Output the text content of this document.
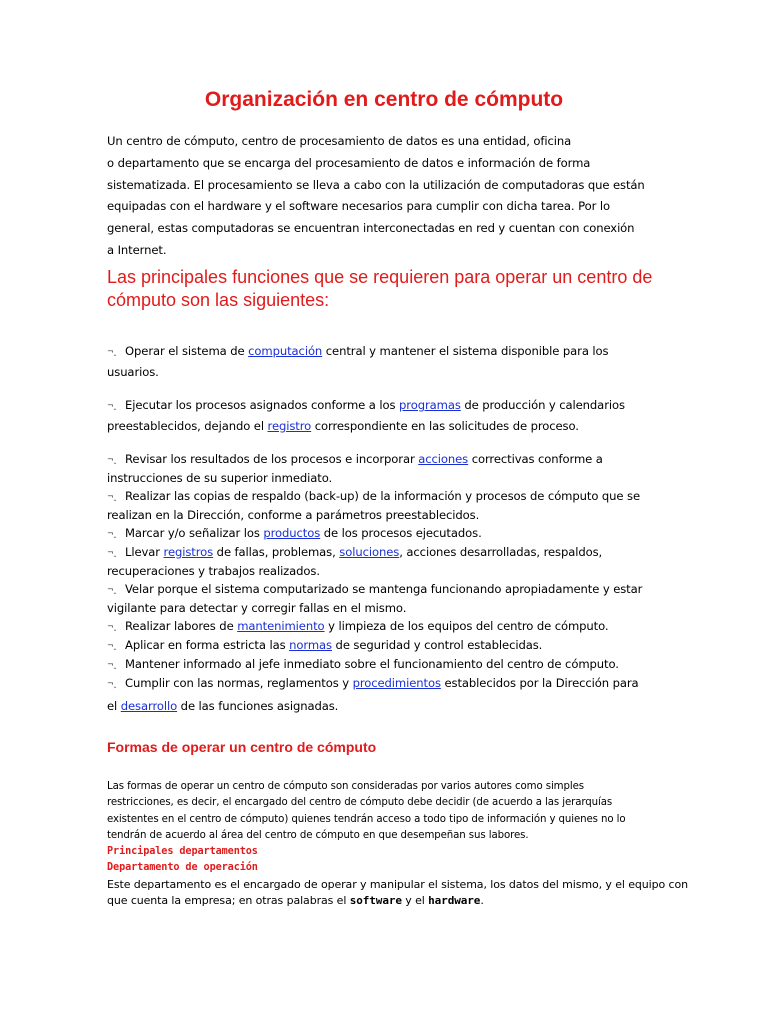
Organización en centro de cómputo
Un centro de cómputo, centro de procesamiento de datos es una entidad, oficina
o departamento que se encarga del procesamiento de datos e información de forma
sistematizada. El procesamiento se lleva a cabo con la utilización de computadoras que están
equipadas con el hardware y el software necesarios para cumplir con dicha tarea. Por lo
general, estas computadoras se encuentran interconectadas en red y cuentan con conexión
a Internet.
Las principales funciones que se requieren para operar un centro de
cómputo son las siguientes:
¬‸ Operar el sistema de computación central y mantener el sistema disponible para los
usuarios.
¬‸ Ejecutar los procesos asignados conforme a los programas de producción y calendarios
preestablecidos, dejando el registro correspondiente en las solicitudes de proceso.
¬‸ Revisar los resultados de los procesos e incorporar acciones correctivas conforme a
instrucciones de su superior inmediato.
¬‸ Realizar las copias de respaldo (back-up) de la información y procesos de cómputo que se
realizan en la Dirección, conforme a parámetros preestablecidos.
¬‸ Marcar y/o señalizar los productos de los procesos ejecutados.
¬‸ Llevar registros de fallas, problemas, soluciones, acciones desarrolladas, respaldos,
recuperaciones y trabajos realizados.
¬‸ Velar porque el sistema computarizado se mantenga funcionando apropiadamente y estar
vigilante para detectar y corregir fallas en el mismo.
¬‸ Realizar labores de mantenimiento y limpieza de los equipos del centro de cómputo.
¬‸ Aplicar en forma estricta las normas de seguridad y control establecidas.
¬‸ Mantener informado al jefe inmediato sobre el funcionamiento del centro de cómputo.
¬‸ Cumplir con las normas, reglamentos y procedimientos establecidos por la Dirección para
el desarrollo de las funciones asignadas.
Formas de operar un centro de cómputo
Las formas de operar un centro de cómputo son consideradas por varios autores como simples
restricciones, es decir, el encargado del centro de cómputo debe decidir (de acuerdo a las jerarquías
existentes en el centro de cómputo) quienes tendrán acceso a todo tipo de información y quienes no lo
tendrán de acuerdo al área del centro de cómputo en que desempeñan sus labores.
Principales departamentos
Departamento de operación
Este departamento es el encargado de operar y manipular el sistema, los datos del mismo, y el equipo con
que cuenta la empresa; en otras palabras el software y el hardware.
